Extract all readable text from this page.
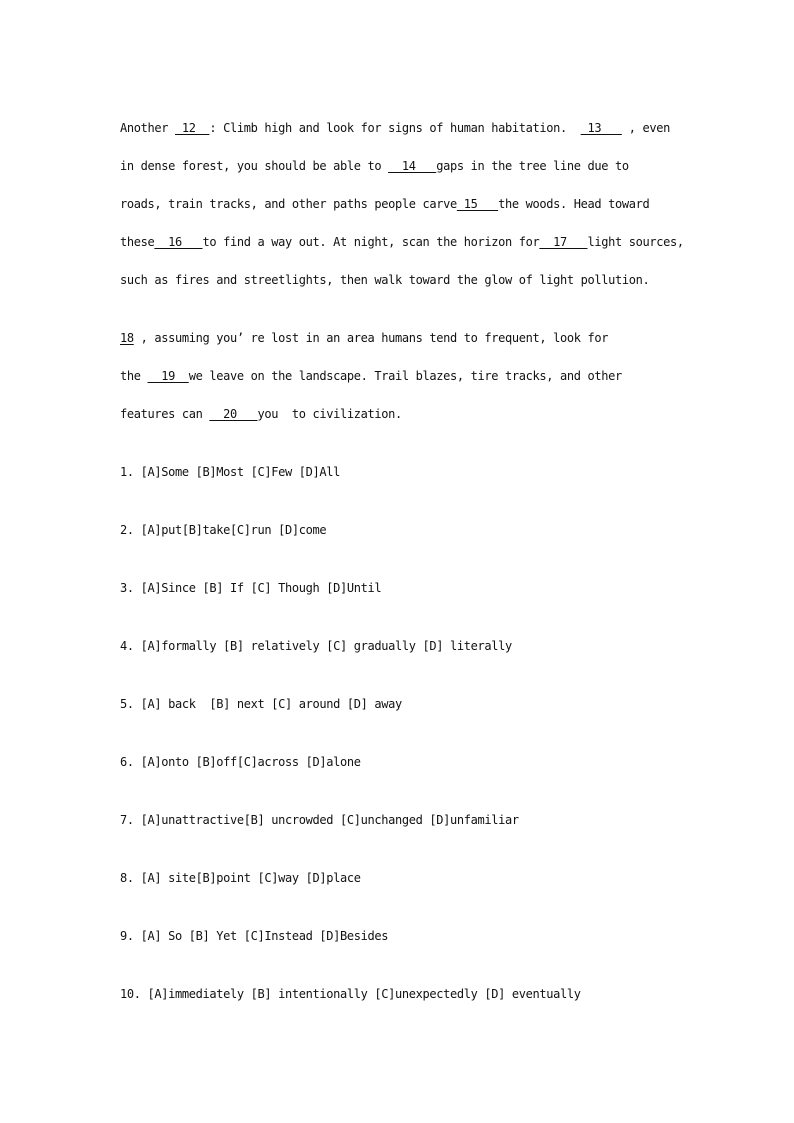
Another  12  : Climb high and look for signs of human habitation.   13    , even
in dense forest, you should be able to   14   gaps in the tree line due to
roads, train tracks, and other paths people carve 15   the woods. Head toward
these  16   to find a way out. At night, scan the horizon for  17   light sources,
such as fires and streetlights, then walk toward the glow of light pollution.
18 , assuming you’ re lost in an area humans tend to frequent, look for
the   19  we leave on the landscape. Trail blazes, tire tracks, and other
features can   20   you  to civilization.
1. [A]Some [B]Most [C]Few [D]All
2. [A]put[B]take[C]run [D]come
3. [A]Since [B] If [C] Though [D]Until
4. [A]formally [B] relatively [C] gradually [D] literally
5. [A] back  [B] next [C] around [D] away
6. [A]onto [B]off[C]across [D]alone
7. [A]unattractive[B] uncrowded [C]unchanged [D]unfamiliar
8. [A] site[B]point [C]way [D]place
9. [A] So [B] Yet [C]Instead [D]Besides
10. [A]immediately [B] intentionally [C]unexpectedly [D] eventually
